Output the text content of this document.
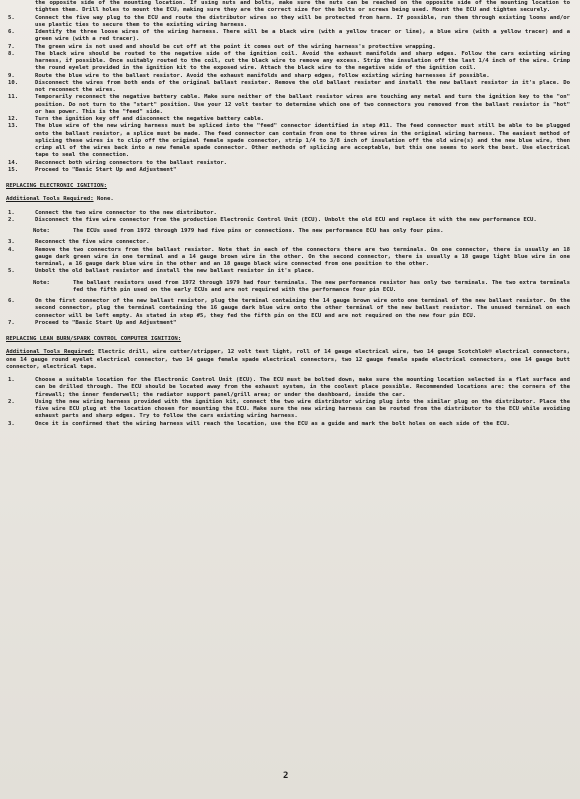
the opposite side of the mounting location. If using nuts and bolts, make sure the nuts can be reached on the opposite side of the mounting location to tighten them. Drill holes to mount the ECU, making sure they are the correct size for the bolts or screws being used. Mount the ECU and tighten securely.
5.	Connect the five way plug to the ECU and route the distributor wires so they will be protected from harm. If possible, run them through existing looms and/or use plastic ties to secure them to the existing wiring harness.
6.	Identify the three loose wires of the wiring harness. There will be a black wire (with a yellow tracer or line), a blue wire (with a yellow tracer) and a green wire (with a red tracer).
7.	The green wire is not used and should be cut off at the point it comes out of the wiring harness's protective wrapping.
8.	The black wire should be routed to the negative side of the ignition coil. Avoid the exhaust manifolds and sharp edges. Follow the cars existing wiring harness, if possible. Once suitably routed to the coil, cut the black wire to remove any excess. Strip the insulation off the last 1/4 inch of the wire. Crimp the round eyelet provided in the ignition kit to the exposed wire. Attach the black wire to the negative side of the ignition coil.
9.	Route the blue wire to the ballast resistor. Avoid the exhaust manifolds and sharp edges, follow existing wiring harnesses if possible.
10.	Disconnect the wires from both ends of the original ballast resister. Remove the old ballast resister and install the new ballast resistor in it's place. Do not reconnect the wires.
11.	Temporarily reconnect the negative battery cable. Make sure neither of the ballast resistor wires are touching any metal and turn the ignition key to the "on" position. Do not turn to the "start" position. Use your 12 volt tester to determine which one of two connectors you removed from the ballast resistor is "hot" or has power. This is the "feed" side.
12.	Turn the ignition key off and disconnect the negative battery cable.
13.	The blue wire of the new wiring harness must be spliced into the "feed" connector identified in step #11. The feed connector must still be able to be plugged onto the ballast resistor, a splice must be made. The feed connector can contain from one to three wires in the original wiring harness. The easiest method of splicing these wires is to clip off the original female spade connector, strip 1/4 to 3/8 inch of insulation off the old wire(s) and the new blue wire, then crimp all of the wires back into a new female spade connector. Other methods of splicing are acceptable, but this one seems to work the best. Use electrical tape to seal the connection.
14.	Reconnect both wiring connectors to the ballast resistor.
15.	Proceed to "Basic Start Up and Adjustment"
REPLACING ELECTRONIC IGNITION:
Additional Tools Required: None.
1.	Connect the two wire connector to the new distributor.
2.	Disconnect the five wire connector from the production Electronic Control Unit (ECU). Unbolt the old ECU and replace it with the new performance ECU.
Note:	The ECUs used from 1972 through 1979 had five pins or connections. The new performance ECU has only four pins.
3.	Reconnect the five wire connector.
4.	Remove the two connectors from the ballast resistor. Note that in each of the connectors there are two terminals. On one connector, there is usually an 18 gauge dark green wire in one terminal and a 14 gauge brown wire in the other. On the second connector, there is usually a 18 gauge light blue wire in one terminal, a 16 gauge dark blue wire in the other and an 18 gauge black wire connected from one position to the other.
5.	Unbolt the old ballast resistor and install the new ballast resistor in it's place.
Note:	The ballast resistors used from 1972 through 1979 had four terminals. The new performance resistor has only two terminals. The two extra terminals fed the fifth pin used on the early ECUs and are not required with the performance four pin ECU.
6.	On the first connector of the new ballast resistor, plug the terminal containing the 14 gauge brown wire onto one terminal of the new ballast resistor. On the second connector, plug the terminal containing the 16 gauge dark blue wire onto the other terminal of the new ballast resistor. The unused terminal on each connector will be left empty. As stated in step #5, they fed the fifth pin on the ECU and are not required on the new four pin ECU.
7.	Proceed to "Basic Start Up and Adjustment"
REPLACING LEAN BURN/SPARK CONTROL COMPUTER IGNITION:
Additional Tools Required: Electric drill, wire cutter/stripper, 12 volt test light, roll of 14 gauge electrical wire, two 14 gauge Scotchlok® electrical connectors, one 14 gauge round eyelet electrical connector, two 14 gauge female spade electrical connectors, two 12 gauge female spade electrical connectors, one 14 gauge butt connector, electrical tape.
1.	Choose a suitable location for the Electronic Control Unit (ECU). The ECU must be bolted down, make sure the mounting location selected is a flat surface and can be drilled through. The ECU should be located away from the exhaust system, in the coolest place possible. Recommended locations are: the corners of the firewall; the inner fenderwell; the radiator support panel/grill area; or under the dashboard, inside the car.
2.	Using the new wiring harness provided with the ignition kit, connect the two wire distributor wiring plug into the similar plug on the distributor. Place the five wire ECU plug at the location chosen for mounting the ECU. Make sure the new wiring harness can be routed from the distributor to the ECU while avoiding exhaust parts and sharp edges. Try to follow the cars existing wiring harness.
3.	Once it is confirmed that the wiring harness will reach the location, use the ECU as a guide and mark the bolt holes on each side of the ECU.
2
